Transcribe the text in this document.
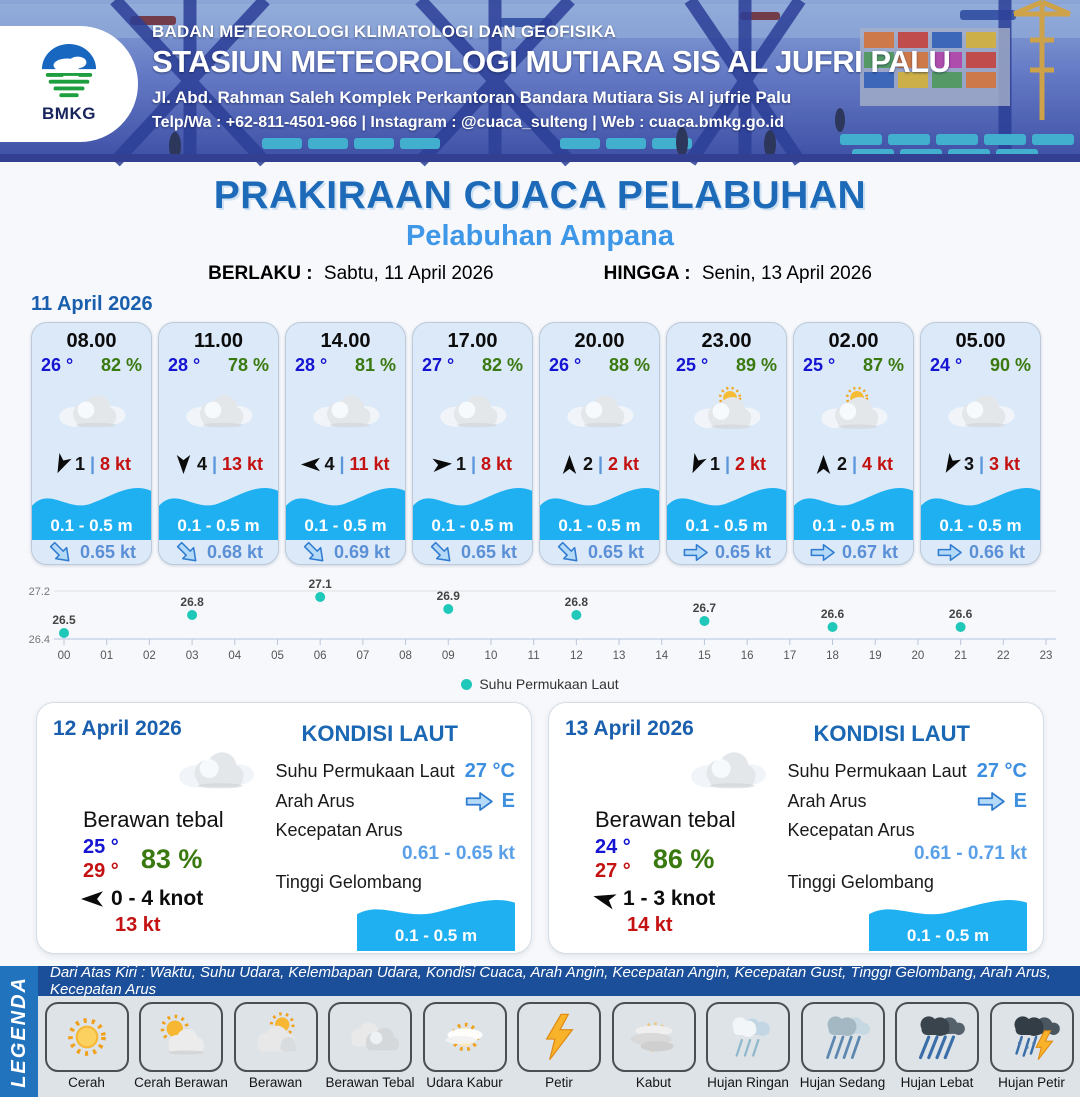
BMKG
BADAN METEOROLOGI KLIMATOLOGI DAN GEOFISIKA
STASIUN METEOROLOGI MUTIARA SIS AL JUFRI PALU
Jl. Abd. Rahman Saleh Komplek Perkantoran Bandara Mutiara Sis Al jufrie Palu
Telp/Wa : +62-811-4501-966 | Instagram : @cuaca_sulteng | Web : cuaca.bmkg.go.id
PRAKIRAAN CUACA PELABUHAN
Pelabuhan Ampana
BERLAKU : Sabtu, 11 April 2026	HINGGA : Senin, 13 April 2026
11 April 2026
08.00
26 ° 82 %
1 | 8 kt
0.1 - 0.5 m
0.65 kt
11.00
28 ° 78 %
4 | 13 kt
0.1 - 0.5 m
0.68 kt
14.00
28 ° 81 %
4 | 11 kt
0.1 - 0.5 m
0.69 kt
17.00
27 ° 82 %
1 | 8 kt
0.1 - 0.5 m
0.65 kt
20.00
26 ° 88 %
2 | 2 kt
0.1 - 0.5 m
0.65 kt
23.00
25 ° 89 %
1 | 2 kt
0.1 - 0.5 m
0.65 kt
02.00
25 ° 87 %
2 | 4 kt
0.1 - 0.5 m
0.67 kt
05.00
24 ° 90 %
3 | 3 kt
0.1 - 0.5 m
0.66 kt
26.4
27.2
00	01	02	03	04	05	06	07	08	09	10	11	12	13	14	15	16	17	18	19	20	21	22	23
26.5
26.8
27.1
26.9	26.8	26.7	26.6	26.6
Suhu Permukaan Laut
12 April 2026
Berawan tebal
25 °
29 ° 83 %
0 - 4 knot
13 kt
KONDISI LAUT
Suhu Permukaan Laut 27 °C
Arah Arus	E
Kecepatan Arus
0.61 - 0.65 kt
Tinggi Gelombang
0.1 - 0.5 m
13 April 2026
Berawan tebal
24 °
27 ° 86 %
1 - 3 knot
14 kt
KONDISI LAUT
Suhu Permukaan Laut 27 °C
Arah Arus	E
Kecepatan Arus
0.61 - 0.71 kt
Tinggi Gelombang
0.1 - 0.5 m
LEGENDA
Dari Atas Kiri : Waktu, Suhu Udara, Kelembapan Udara, Kondisi Cuaca, Arah Angin, Kecepatan Angin, Kecepatan Gust, Tinggi Gelombang, Arah Arus, Kecepatan Arus
Cerah Cerah Berawan Berawan Berawan Tebal Udara Kabur	Petir	Kabut	Hujan Ringan Hujan Sedang Hujan Lebat Hujan Petir
